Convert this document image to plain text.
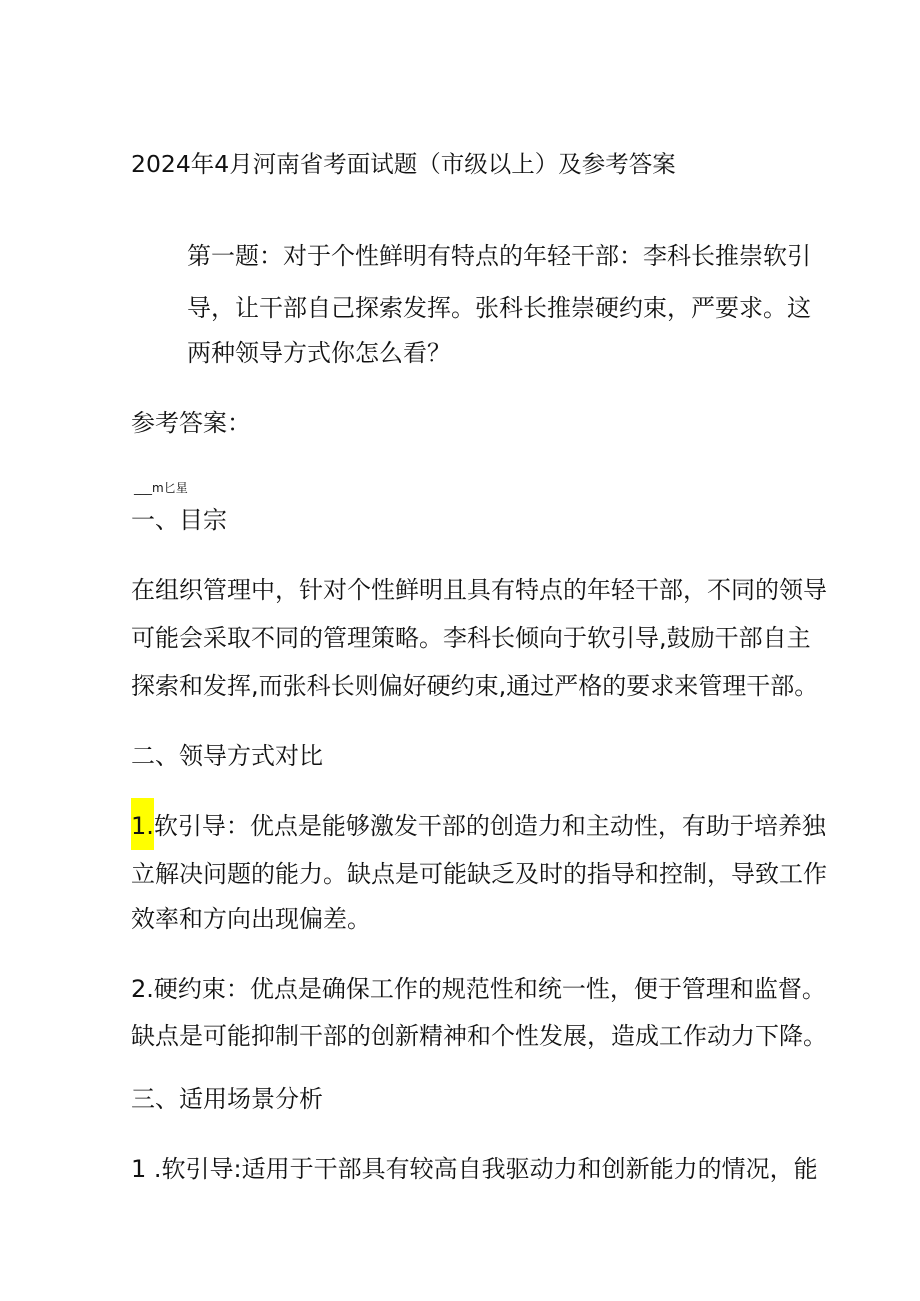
2024年4月河南省考面试题（市级以上）及参考答案
第一题：对于个性鲜明有特点的年轻干部：李科长推崇软引
导，让干部自己探索发挥。张科长推崇硬约束，严要求。这
两种领导方式你怎么看？
参考答案：
___m匕星
一、目宗
在组织管理中，针对个性鲜明且具有特点的年轻干部，不同的领导
可能会采取不同的管理策略。李科长倾向于软引导,鼓励干部自主
探索和发挥,而张科长则偏好硬约束,通过严格的要求来管理干部。
二、领导方式对比
1.软引导：优点是能够激发干部的创造力和主动性，有助于培养独
立解决问题的能力。缺点是可能缺乏及时的指导和控制，导致工作
效率和方向出现偏差。
2.硬约束：优点是确保工作的规范性和统一性，便于管理和监督。
缺点是可能抑制干部的创新精神和个性发展，造成工作动力下降。
三、适用场景分析
1 .软引导:适用于干部具有较高自我驱动力和创新能力的情况，能
